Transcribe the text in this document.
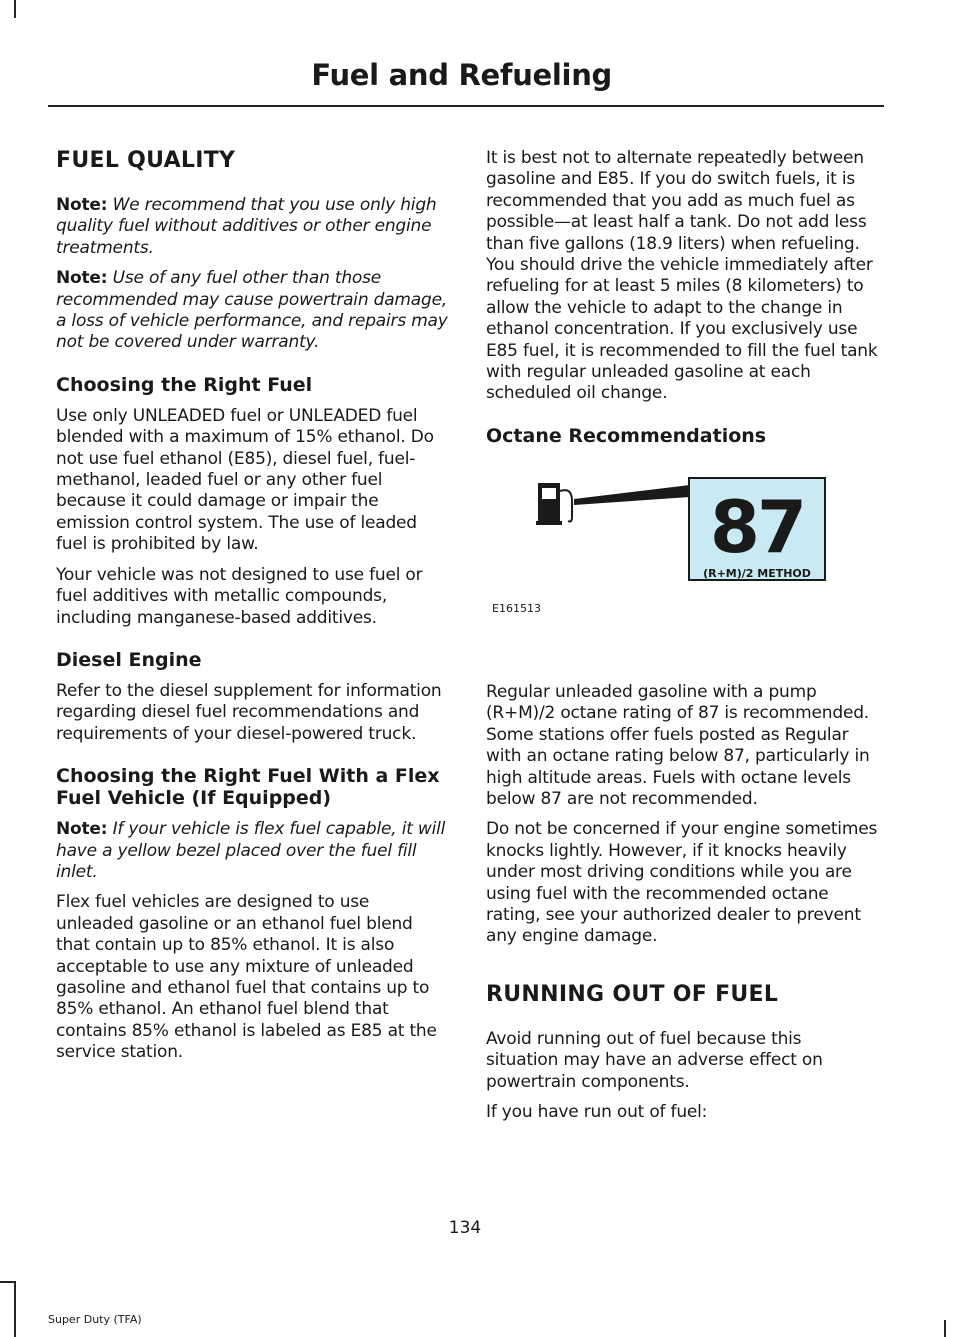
Fuel and Refueling
FUEL QUALITY

Note: We recommend that you use only high quality fuel without additives or other engine treatments.

Note: Use of any fuel other than those recommended may cause powertrain damage, a loss of vehicle performance, and repairs may not be covered under warranty.

Choosing the Right Fuel

Use only UNLEADED fuel or UNLEADED fuel blended with a maximum of 15% ethanol. Do not use fuel ethanol (E85), diesel fuel, fuel-methanol, leaded fuel or any other fuel because it could damage or impair the emission control system. The use of leaded fuel is prohibited by law.

Your vehicle was not designed to use fuel or fuel additives with metallic compounds, including manganese-based additives.

Diesel Engine

Refer to the diesel supplement for information regarding diesel fuel recommendations and requirements of your diesel-powered truck.

Choosing the Right Fuel With a Flex Fuel Vehicle (If Equipped)

Note: If your vehicle is flex fuel capable, it will have a yellow bezel placed over the fuel fill inlet.

Flex fuel vehicles are designed to use unleaded gasoline or an ethanol fuel blend that contain up to 85% ethanol. It is also acceptable to use any mixture of unleaded gasoline and ethanol fuel that contains up to 85% ethanol. An ethanol fuel blend that contains 85% ethanol is labeled as E85 at the service station.

It is best not to alternate repeatedly between gasoline and E85. If you do switch fuels, it is recommended that you add as much fuel as possible—at least half a tank. Do not add less than five gallons (18.9 liters) when refueling. You should drive the vehicle immediately after refueling for at least 5 miles (8 kilometers) to allow the vehicle to adapt to the change in ethanol concentration. If you exclusively use E85 fuel, it is recommended to fill the fuel tank with regular unleaded gasoline at each scheduled oil change.

Octane Recommendations
87
(R+M)/2 METHOD
E161513

Regular unleaded gasoline with a pump (R+M)/2 octane rating of 87 is recommended. Some stations offer fuels posted as Regular with an octane rating below 87, particularly in high altitude areas. Fuels with octane levels below 87 are not recommended.

Do not be concerned if your engine sometimes knocks lightly. However, if it knocks heavily under most driving conditions while you are using fuel with the recommended octane rating, see your authorized dealer to prevent any engine damage.

RUNNING OUT OF FUEL

Avoid running out of fuel because this situation may have an adverse effect on powertrain components.

If you have run out of fuel:

134
Super Duty (TFA)
